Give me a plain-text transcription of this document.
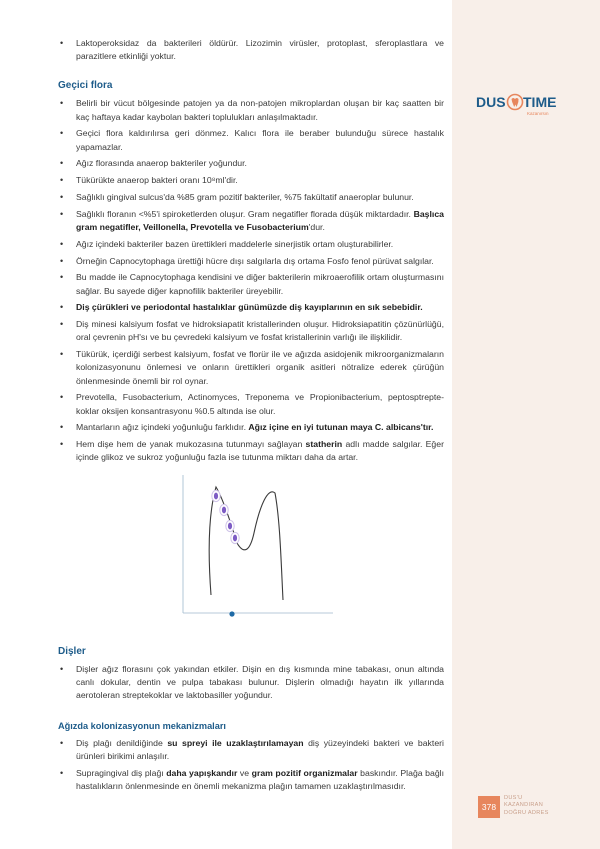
DUS TIME
Kazanırsın
• Laktoperoksidaz da bakterileri öldürür. Lizozimin virüsler, protoplast, sferoplastlara ve parazitlere etkinliği yoktur.
Geçici flora
• Belirli bir vücut bölgesinde patojen ya da non-patojen mikroplardan oluşan bir kaç saatten bir kaç haftaya kadar kaybolan bakteri toplulukları anlaşılmaktadır.
• Geçici flora kaldırılırsa geri dönmez. Kalıcı flora ile beraber bulunduğu sürece hastalık yapamazlar.
• Ağız florasında anaerop bakteriler yoğundur.
• Tükürükte anaerop bakteri oranı 10⁸ml'dir.
• Sağlıklı gingival sulcus'da %85 gram pozitif bakteriler, %75 fakültatif anaeroplar bulunur.
• Sağlıklı floranın <%5'i spiroketlerden oluşur. Gram negatifler florada düşük miktardadır. Başlıca gram negatifler, Veillonella, Prevotella ve Fusobacterium'dur.
• Ağız içindeki bakteriler bazen ürettikleri maddelerle sinerjistik ortam oluşturabilirler.
• Örneğin Capnocytophaga ürettiği hücre dışı salgılarla dış ortama Fosfo fenol pürüvat salgılar.
• Bu madde ile Capnocytophaga kendisini ve diğer bakterilerin mikroaerofilik ortam oluşturmasını sağlar. Bu sayede diğer kapnofilik bakteriler üreyebilir.
• Diş çürükleri ve periodontal hastalıklar günümüzde diş kayıplarının en sık sebebidir.
• Diş minesi kalsiyum fosfat ve hidroksiapatit kristallerinden oluşur. Hidroksiapatitin çözünürlüğü, oral çevrenin pH'sı ve bu çevredeki kalsiyum ve fosfat kristallerinin varlığı ile ilişkilidir.
• Tükürük, içerdiği serbest kalsiyum, fosfat ve florür ile ve ağızda asidojenik mikroorganizmaların kolonizasyonunu önlemesi ve onların ürettikleri organik asitleri nötralize ederek çürüğün önlenmesinde önemli bir rol oynar.
• Prevotella, Fusobacterium, Actinomyces, Treponema ve Propionibacterium, peptosptrepte- koklar oksijen konsantrasyonu %0.5 altında ise olur.
• Mantarların ağız içindeki yoğunluğu farklıdır. Ağız içine en iyi tutunan maya C. albicans'tır.
• Hem dişe hem de yanak mukozasına tutunmayı sağlayan statherin adlı madde salgılar. Eğer içinde glikoz ve sukroz yoğunluğu fazla ise tutunma miktarı daha da artar.
Dişler
• Dişler ağız florasını çok yakından etkiler. Dişin en dış kısmında mine tabakası, onun altında canlı dokular, dentin ve pulpa tabakası bulunur. Dişlerin olmadığı hayatın ilk yıllarında aerotoleran streptekoklar ve laktobasiller yoğundur.
Ağızda kolonizasyonun mekanizmaları
• Diş plağı denildiğinde su spreyi ile uzaklaştırılamayan diş yüzeyindeki bakteri ve bakteri ürünleri birikimi anlaşılır.
• Supragingival diş plağı daha yapışkandır ve gram pozitif organizmalar baskındır. Plağa bağlı hastalıkların önlenmesinde en önemli mekanizma plağın tamamen uzaklaştırılmasıdır.
378
DUS'U
KAZANDIRAN
DOĞRU ADRES
